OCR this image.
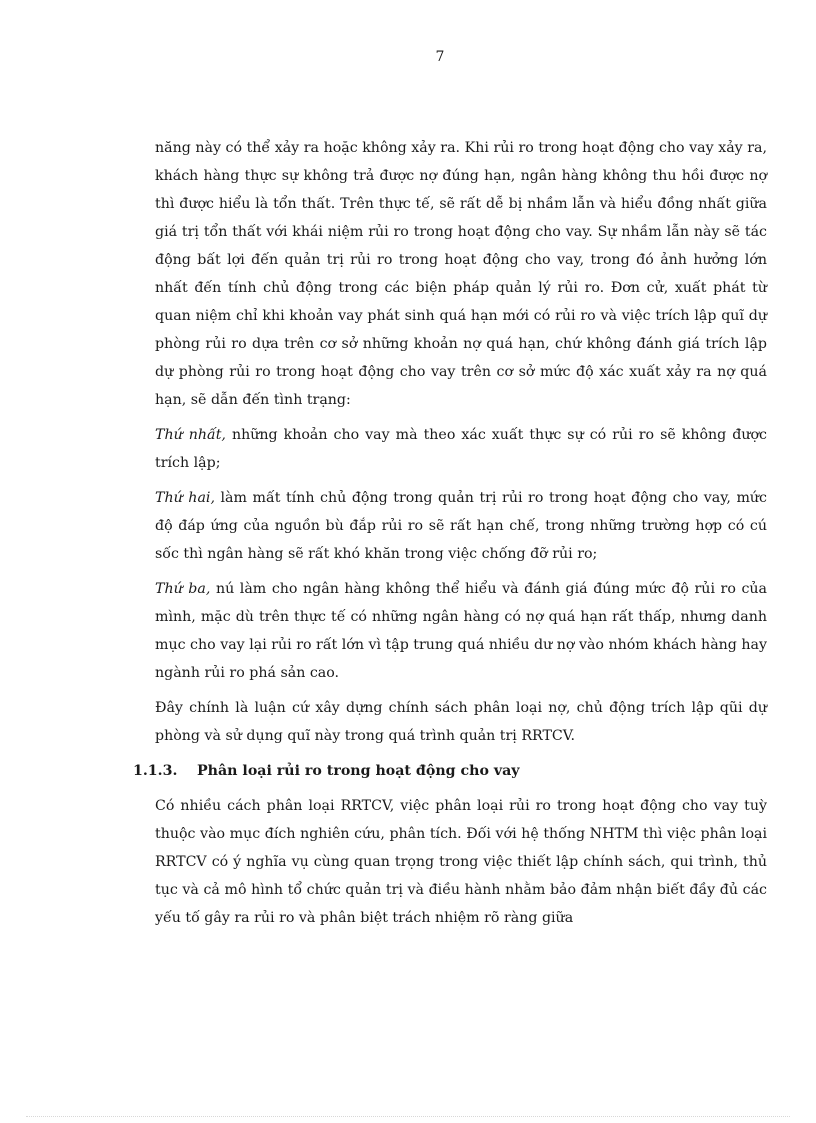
7

năng này có thể xảy ra hoặc không xảy ra. Khi rủi ro trong hoạt động cho vay xảy ra, khách hàng thực sự không trả được nợ đúng hạn, ngân hàng không thu hồi được nợ thì được hiểu là tổn thất. Trên thực tế, sẽ rất dễ bị nhầm lẫn và hiểu đồng nhất giữa giá trị tổn thất với khái niệm rủi ro trong hoạt động cho vay. Sự nhầm lẫn này sẽ tác động bất lợi đến quản trị rủi ro trong hoạt động cho vay, trong đó ảnh hưởng lớn nhất đến tính chủ động trong các biện pháp quản lý rủi ro. Đơn cử, xuất phát từ quan niệm chỉ khi khoản vay phát sinh quá hạn mới có rủi ro và việc trích lập quĩ dự phòng rủi ro dựa trên cơ sở những khoản nợ quá hạn, chứ không đánh giá trích lập dự phòng rủi ro trong hoạt động cho vay trên cơ sở mức độ xác xuất xảy ra nợ quá hạn, sẽ dẫn đến tình trạng:

Thứ nhất, những khoản cho vay mà theo xác xuất thực sự có rủi ro sẽ không được trích lập;

Thứ hai, làm mất tính chủ động trong quản trị rủi ro trong hoạt động cho vay, mức độ đáp ứng của nguồn bù đắp rủi ro sẽ rất hạn chế, trong những trường hợp có cú sốc thì ngân hàng sẽ rất khó khăn trong việc chống đỡ rủi ro;

Thứ ba, nú làm cho ngân hàng không thể hiểu và đánh giá đúng mức độ rủi ro của mình, mặc dù trên thực tế có những ngân hàng có nợ quá hạn rất thấp, nhưng danh mục cho vay lại rủi ro rất lớn vì tập trung quá nhiều dư nợ vào nhóm khách hàng hay ngành rủi ro phá sản cao.

Đây chính là luận cứ xây dựng chính sách phân loại nợ, chủ động trích lập qũi dự phòng và sử dụng quĩ này trong quá trình quản trị RRTCV.

1.1.3. Phân loại rủi ro trong hoạt động cho vay

Có nhiều cách phân loại RRTCV, việc phân loại rủi ro trong hoạt động cho vay tuỳ thuộc vào mục đích nghiên cứu, phân tích. Đối với hệ thống NHTM thì việc phân loại RRTCV có ý nghĩa vụ cùng quan trọng trong việc thiết lập chính sách, qui trình, thủ tục và cả mô hình tổ chức quản trị và điều hành nhằm bảo đảm nhận biết đầy đủ các yếu tố gây ra rủi ro và phân biệt trách nhiệm rõ ràng giữa
